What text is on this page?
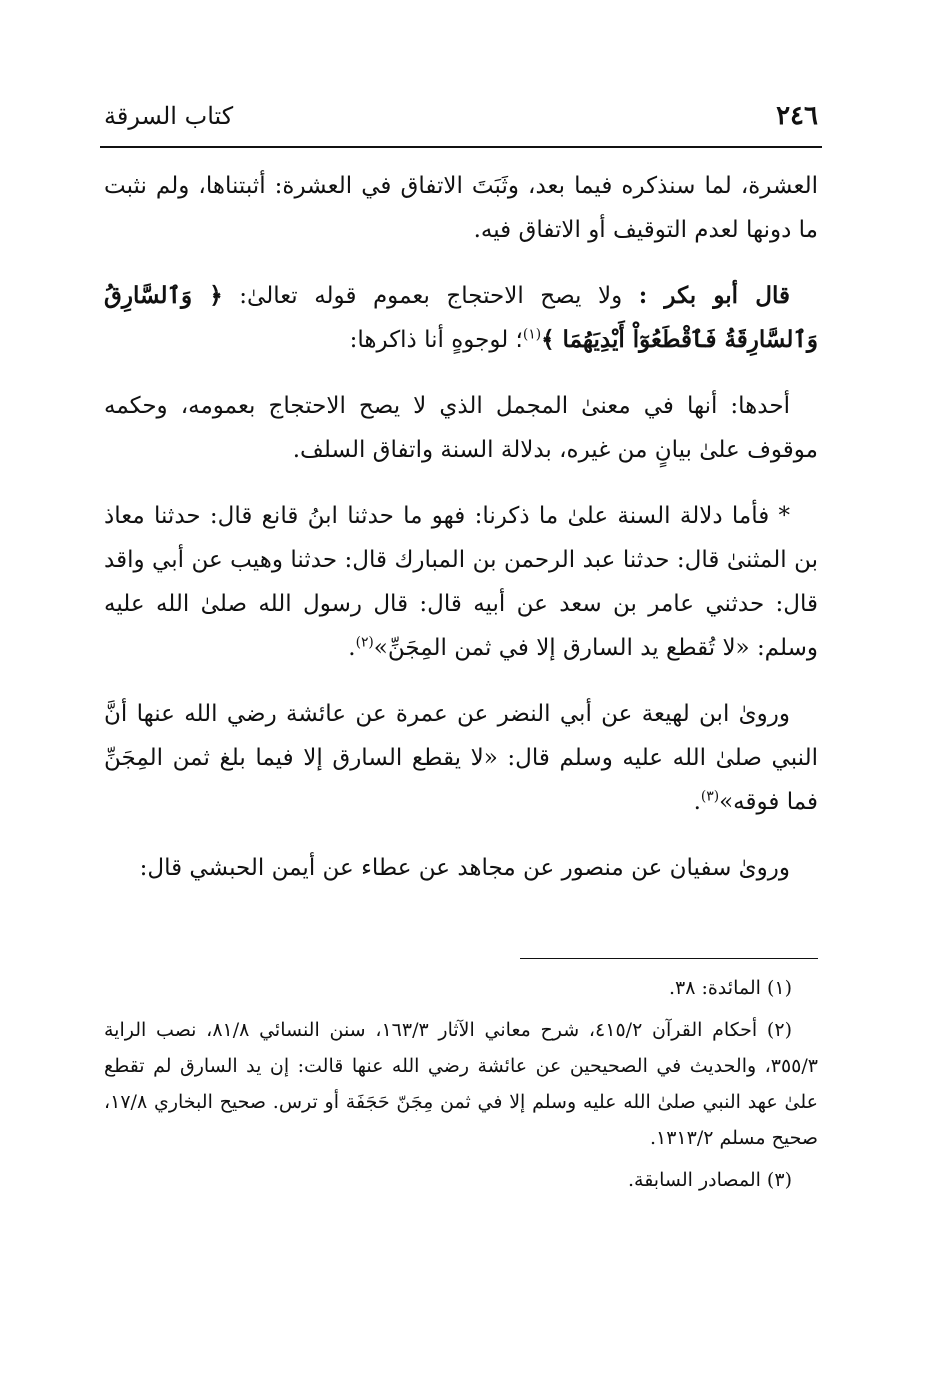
٢٤٦
كتاب السرقة

العشرة، لما سنذكره فيما بعد، وثَبَتَ الاتفاق في العشرة: أثبتناها، ولم نثبت ما دونها لعدم التوقيف أو الاتفاق فيه.

قال أبو بكر : ولا يصح الاحتجاج بعموم قوله تعالىٰ: ﴿ وَٱلسَّارِقُ وَٱلسَّارِقَةُ فَٱقْطَعُوٓاْ أَيْدِيَهُمَا ﴾$^{(١)}$؛ لوجوهٍ أنا ذاكرها:

أحدها: أنها في معنىٰ المجمل الذي لا يصح الاحتجاج بعمومه، وحكمه موقوف علىٰ بيانٍ من غيره، بدلالة السنة واتفاق السلف.

* فأما دلالة السنة علىٰ ما ذكرنا: فهو ما حدثنا ابنُ قانع قال: حدثنا معاذ بن المثنىٰ قال: حدثنا عبد الرحمن بن المبارك قال: حدثنا وهيب عن أبي واقد قال: حدثني عامر بن سعد عن أبيه قال: قال رسول الله صلىٰ الله عليه وسلم: «لا تُقطع يد السارق إلا في ثمن المِجَنِّ»$^{(٢)}$.

ورویٰ ابن لهيعة عن أبي النضر عن عمرة عن عائشة رضي الله عنها أنَّ النبي صلىٰ الله عليه وسلم قال: «لا يقطع السارق إلا فيما بلغ ثمن المِجَنِّ فما فوقه»$^{(٣)}$.

ورویٰ سفيان عن منصور عن مجاهد عن عطاء عن أيمن الحبشي قال:

(١) المائدة: ٣٨.

(٢) أحكام القرآن ٤١٥/٢، شرح معاني الآثار ١٦٣/٣، سنن النسائي ٨١/٨، نصب الراية ٣٥٥/٣، والحديث في الصحيحين عن عائشة رضي الله عنها قالت: إن يد السارق لم تقطع علىٰ عهد النبي صلىٰ الله عليه وسلم إلا في ثمن مِجَنّ حَجَفَة أو ترس. صحيح البخاري ١٧/٨، صحيح مسلم ١٣١٣/٢.

(٣) المصادر السابقة.
